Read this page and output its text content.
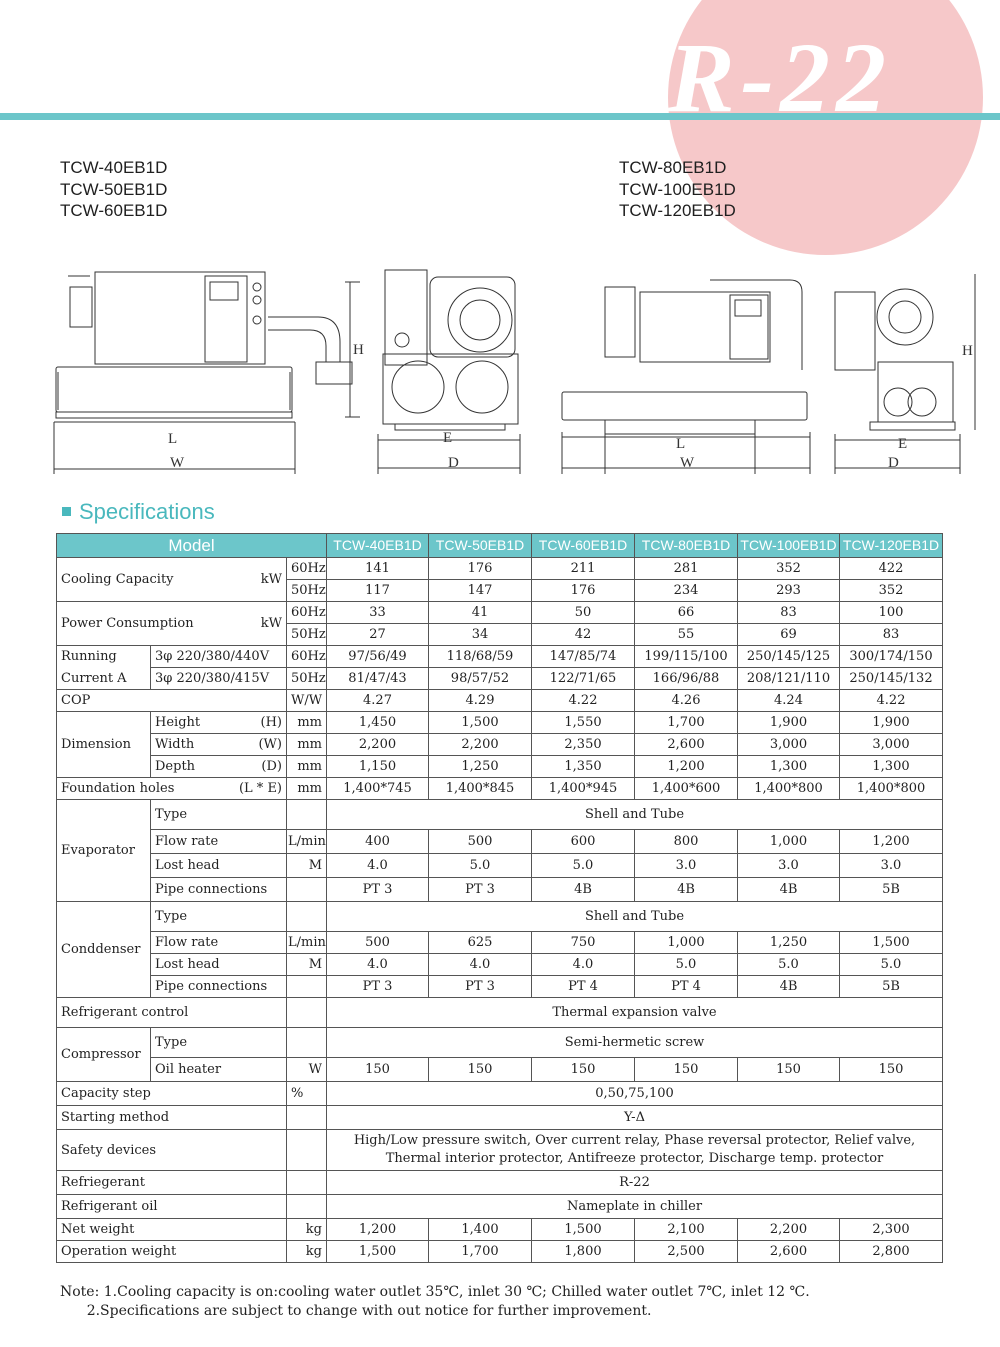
R-22
TCW-40EB1D
TCW-50EB1D
TCW-60EB1D
TCW-80EB1D
TCW-100EB1D
TCW-120EB1D
L
W
H
E
D
L
W
E
D
H
Specifications
Model			TCW-40EB1D	TCW-50EB1D	TCW-60EB1D	TCW-80EB1D	TCW-100EB1D	TCW-120EB1D
Cooling Capacity kW		60Hz	141	176	211	281	352	422
		50Hz	117	147	176	234	293	352
Power Consumption kW		60Hz	33	41	50	66	83	100
		50Hz	27	34	42	55	69	83
Running	3φ 220/380/440V	60Hz	97/56/49	118/68/59	147/85/74	199/115/100	250/145/125	300/174/150
Current A	3φ 220/380/415V	50Hz	81/47/43	98/57/52	122/71/65	166/96/88	208/121/110	250/145/132
COP		W/W	4.27	4.29	4.22	4.26	4.24	4.22
Dimension	Height (H)	mm	1,450	1,500	1,550	1,700	1,900	1,900
	Width (W)	mm	2,200	2,200	2,350	2,600	3,000	3,000
	Depth (D)	mm	1,150	1,250	1,350	1,200	1,300	1,300
Foundation holes (L * E)		mm	1,400*745	1,400*845	1,400*945	1,400*600	1,400*800	1,400*800
Evaporator	Type		Shell and Tube					
	Flow rate	L/min	400	500	600	800	1,000	1,200
	Lost head	M	4.0	5.0	5.0	3.0	3.0	3.0
	Pipe connections		PT 3	PT 3	4B	4B	4B	5B
Conddenser	Type		Shell and Tube					
	Flow rate	L/min	500	625	750	1,000	1,250	1,500
	Lost head	M	4.0	4.0	4.0	5.0	5.0	5.0
	Pipe connections		PT 3	PT 3	PT 4	PT 4	4B	5B
Refrigerant control			Thermal expansion valve					
Compressor	Type		Semi-hermetic screw					
	Oil heater	W	150	150	150	150	150	150
Capacity step		%	0,50,75,100					
Starting method			Y-Δ					
Safety devices			High/Low pressure switch, Over current relay, Phase reversal protector, Relief valve,
Thermal interior protector, Antifreeze protector, Discharge temp. protector					

Refriegerant			R-22					
Refrigerant oil			Nameplate in chiller					
Net weight		kg	1,200	1,400	1,500	2,100	2,200	2,300
Operation weight		kg	1,500	1,700	1,800	2,500	2,600	2,800
Note: 1.Cooling capacity is on:cooling water outlet 35℃, inlet 30 ℃; Chilled water outlet 7℃, inlet 12 ℃.
2.Specifications are subject to change with out notice for further improvement.
